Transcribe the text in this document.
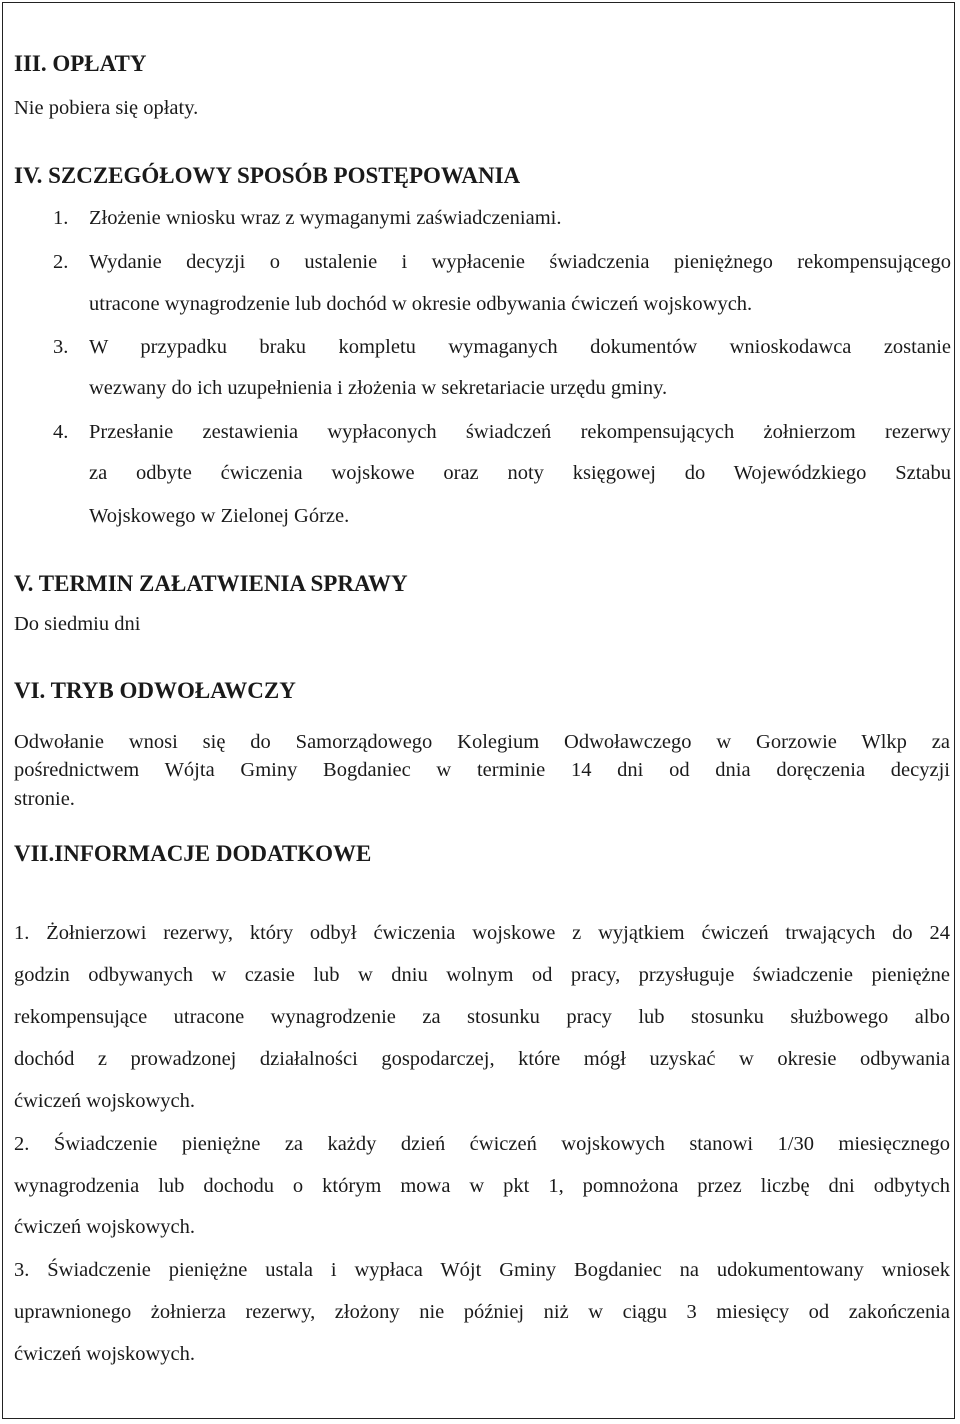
III. OPŁATY
Nie pobiera się opłaty.
IV. SZCZEGÓŁOWY SPOSÓB POSTĘPOWANIA
1. Złożenie wniosku wraz z wymaganymi zaświadczeniami.
2. Wydanie decyzji o ustalenie i wypłacenie świadczenia pieniężnego rekompensującego
utracone wynagrodzenie lub dochód w okresie odbywania ćwiczeń wojskowych.
3. W przypadku braku kompletu wymaganych dokumentów wnioskodawca zostanie
wezwany do ich uzupełnienia i złożenia w sekretariacie urzędu gminy.
4. Przesłanie zestawienia wypłaconych świadczeń rekompensujących żołnierzom rezerwy
za odbyte ćwiczenia wojskowe oraz noty księgowej do Wojewódzkiego Sztabu
Wojskowego w Zielonej Górze.
V. TERMIN ZAŁATWIENIA SPRAWY
Do siedmiu dni
VI. TRYB ODWOŁAWCZY
Odwołanie wnosi się do Samorządowego Kolegium Odwoławczego w Gorzowie Wlkp za
pośrednictwem Wójta Gminy Bogdaniec w terminie 14 dni od dnia doręczenia decyzji
stronie.
VII.INFORMACJE DODATKOWE
1. Żołnierzowi rezerwy, który odbył ćwiczenia wojskowe z wyjątkiem ćwiczeń trwających do 24
godzin odbywanych w czasie lub w dniu wolnym od pracy, przysługuje świadczenie pieniężne
rekompensujące utracone wynagrodzenie za stosunku pracy lub stosunku służbowego albo
dochód z prowadzonej działalności gospodarczej, które mógł uzyskać w okresie odbywania
ćwiczeń wojskowych.
2. Świadczenie pieniężne za każdy dzień ćwiczeń wojskowych stanowi 1/30 miesięcznego
wynagrodzenia lub dochodu o którym mowa w pkt 1, pomnożona przez liczbę dni odbytych
ćwiczeń wojskowych.
3. Świadczenie pieniężne ustala i wypłaca Wójt Gminy Bogdaniec na udokumentowany wniosek
uprawnionego żołnierza rezerwy, złożony nie później niż w ciągu 3 miesięcy od zakończenia
ćwiczeń wojskowych.
